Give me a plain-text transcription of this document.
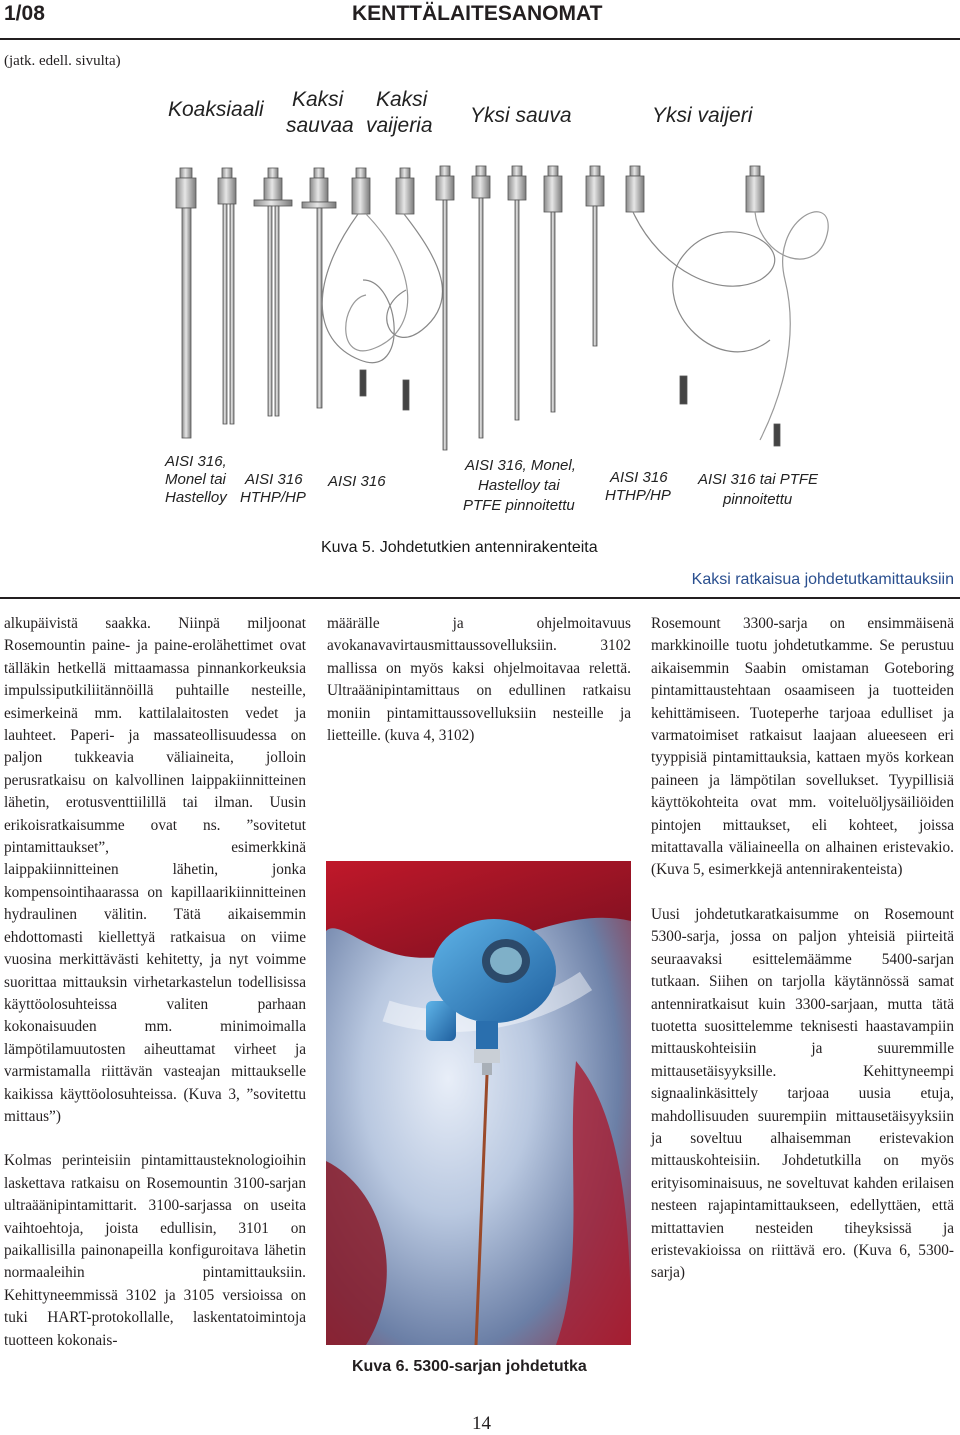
1/08	KENTTÄLAITESANOMAT
(jatk. edell. sivulta)
Koaksiaali Kaksi
sauvaa
Kaksi
vaijeria Yksi sauva	Yksi vaijeri
AISI 316,
Monel tai
Hastelloy
AISI 316
HTHP/HP
AISI 316
AISI 316, Monel,
Hastelloy tai
PTFE pinnoitettu
AISI 316
HTHP/HP
AISI 316 tai PTFE
pinnoitettu
Kuva 5. Johdetutkien antennirakenteita
Kaksi ratkaisua johdetutkamittauksiin

alkupäivistä saakka. Niinpä miljoonat Rosemountin paine- ja paine-erolähettimet ovat tälläkin hetkellä mittaamassa pinnankorkeuksia impulssiputkiliitännöillä puhtaille nesteille, esimerkeinä mm. kattilalaitosten vedet ja lauhteet. Paperi- ja massateollisuudessa on paljon tukkeavia väliaineita, jolloin perusratkaisu on kalvollinen laippakiinnitteinen lähetin, erotusventtiilillä tai ilman. Uusin erikoisratkaisumme ovat ns. ”sovitetut pintamittaukset”, esimerkkinä laippakiinnitteinen lähetin, jonka kompensointihaarassa on kapillaarikiinnitteinen hydraulinen välitin. Tätä aikaisemmin ehdottomasti kiellettyä ratkaisua on viime vuosina merkittävästi kehitetty, ja nyt voimme suorittaa mittauksin virhetarkastelun todellisissa käyttöolosuhteissa valiten parhaan kokonaisuuden mm. minimoimalla lämpötilamuutosten aiheuttamat virheet ja varmistamalla riittävän vasteajan mittaukselle kaikissa käyttöolosuhteissa. (Kuva 3, ”sovitettu mittaus”)

Kolmas perinteisiin pintamittausteknologioihin laskettava ratkaisu on Rosemountin 3100-sarjan ultraäänipintamittarit. 3100-sarjassa on useita vaihtoehtoja, joista edullisin, 3101 on paikallisilla painonapeilla konfiguroitava lähetin normaaleihin pintamittauksiin. Kehittyneemmissä 3102 ja 3105 versioissa on tuki HART-protokollalle, laskentatoimintoja tuotteen kokonais-

määrälle ja ohjelmoitavuus avokanavavirtausmittaussovelluksiin. 3102 mallissa on myös kaksi ohjelmoitavaa relettä. Ultraäänipintamittaus on edullinen ratkaisu moniin pintamittaussovelluksiin nesteille ja lietteille. (kuva 4, 3102)

Kuva 6. 5300-sarjan johdetutka

Rosemount 3300-sarja on ensimmäisenä markkinoille tuotu johdetutkamme. Se perustuu aikaisemmin Saabin omistaman Goteboring pintamittaustehtaan osaamiseen ja tuotteiden kehittämiseen. Tuoteperhe tarjoaa edulliset ja varmatoimiset ratkaisut laajaan alueeseen eri tyyppisiä pintamittauksia, kattaen myös korkean paineen ja lämpötilan sovellukset. Tyypillisiä käyttökohteita ovat mm. voiteluöljysäiliöiden pintojen mittaukset, eli kohteet, joissa mitattavalla väliaineella on alhainen eristevakio. (Kuva 5, esimerkkejä antennirakenteista)

Uusi johdetutkaratkaisumme on Rosemount 5300-sarja, jossa on paljon yhteisiä piirteitä seuraavaksi esittelemäämme 5400-sarjan tutkaan. Siihen on tarjolla käytännössä samat antenniratkaisut kuin 3300-sarjaan, mutta tätä tuotetta suosittelemme teknisesti haastavampiin mittauskohteisiin ja suuremmille mittausetäisyyksille. Kehittyneempi signaalinkäsittely tarjoaa uusia etuja, mahdollisuuden suurempiin mittausetäisyyksiin ja soveltuu alhaisemman eristevakion mittauskohteisiin. Johdetutkilla on myös erityisominaisuus, ne soveltuvat kahden erilaisen nesteen rajapintamittaukseen, edellyttäen, että mittattavien nesteiden tiheyksissä ja eristevakioissa on riittävä ero. (Kuva 6, 5300-sarja)

14
